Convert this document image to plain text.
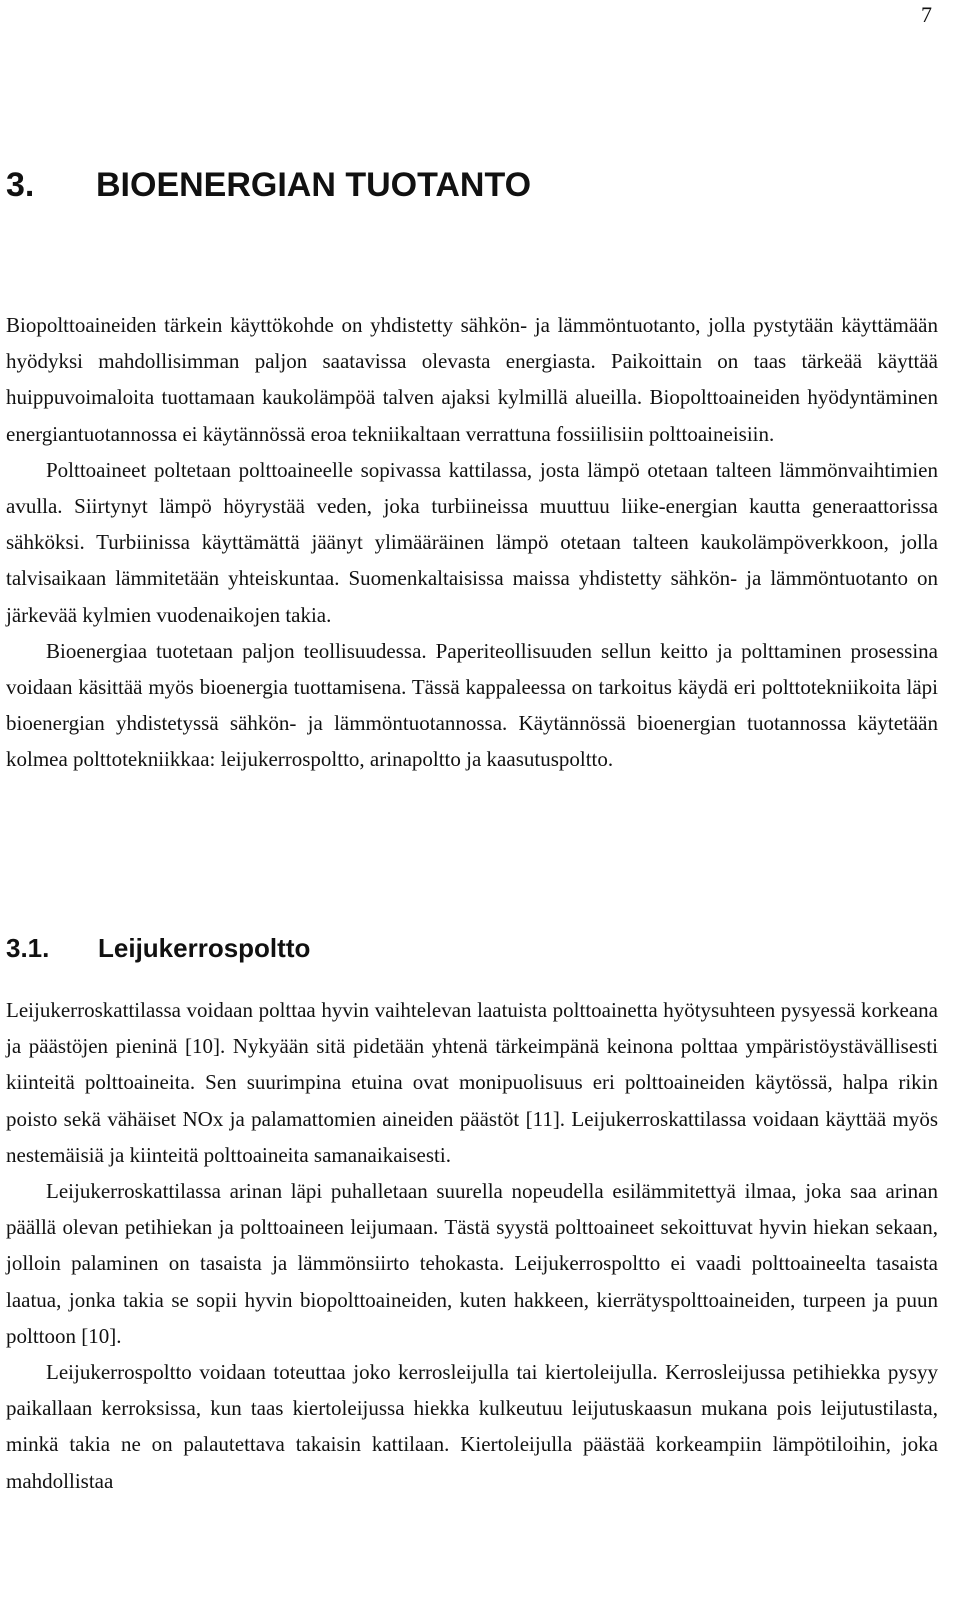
7
3. BIOENERGIAN TUOTANTO

Biopolttoaineiden tärkein käyttökohde on yhdistetty sähkön- ja lämmöntuotanto, jolla pystytään käyttämään hyödyksi mahdollisimman paljon saatavissa olevasta energiasta. Paikoittain on taas tärkeää käyttää huippuvoimaloita tuottamaan kaukolämpöä talven ajaksi kylmillä alueilla. Biopolttoaineiden hyödyntäminen energiantuotannossa ei käytännössä eroa tekniikaltaan verrattuna fossiilisiin polttoaineisiin.

Polttoaineet poltetaan polttoaineelle sopivassa kattilassa, josta lämpö otetaan talteen lämmönvaihtimien avulla. Siirtynyt lämpö höyrystää veden, joka turbiineissa muuttuu liike-energian kautta generaattorissa sähköksi. Turbiinissa käyttämättä jäänyt ylimääräinen lämpö otetaan talteen kaukolämpöverkkoon, jolla talvisaikaan lämmitetään yhteiskuntaa. Suomenkaltaisissa maissa yhdistetty sähkön- ja lämmöntuotanto on järkevää kylmien vuodenaikojen takia.

Bioenergiaa tuotetaan paljon teollisuudessa. Paperiteollisuuden sellun keitto ja polttaminen prosessina voidaan käsittää myös bioenergia tuottamisena. Tässä kappaleessa on tarkoitus käydä eri polttotekniikoita läpi bioenergian yhdistetyssä sähkön- ja lämmöntuotannossa. Käytännössä bioenergian tuotannossa käytetään kolmea polttotekniikkaa: leijukerrospoltto, arinapoltto ja kaasutuspoltto.

3.1. Leijukerrospoltto

Leijukerroskattilassa voidaan polttaa hyvin vaihtelevan laatuista polttoainetta hyötysuhteen pysyessä korkeana ja päästöjen pieninä [10]. Nykyään sitä pidetään yhtenä tärkeimpänä keinona polttaa ympäristöystävällisesti kiinteitä polttoaineita. Sen suurimpina etuina ovat monipuolisuus eri polttoaineiden käytössä, halpa rikin poisto sekä vähäiset NOx ja palamattomien aineiden päästöt [11]. Leijukerroskattilassa voidaan käyttää myös nestemäisiä ja kiinteitä polttoaineita samanaikaisesti.

Leijukerroskattilassa arinan läpi puhalletaan suurella nopeudella esilämmitettyä ilmaa, joka saa arinan päällä olevan petihiekan ja polttoaineen leijumaan. Tästä syystä polttoaineet sekoittuvat hyvin hiekan sekaan, jolloin palaminen on tasaista ja lämmönsiirto tehokasta. Leijukerrospoltto ei vaadi polttoaineelta tasaista laatua, jonka takia se sopii hyvin biopolttoaineiden, kuten hakkeen, kierrätyspolttoaineiden, turpeen ja puun polttoon [10].

Leijukerrospoltto voidaan toteuttaa joko kerrosleijulla tai kiertoleijulla. Kerrosleijussa petihiekka pysyy paikallaan kerroksissa, kun taas kiertoleijussa hiekka kulkeutuu leijutuskaasun mukana pois leijutustilasta, minkä takia ne on palautettava takaisin kattilaan. Kiertoleijulla päästää korkeampiin lämpötiloihin, joka mahdollistaa
